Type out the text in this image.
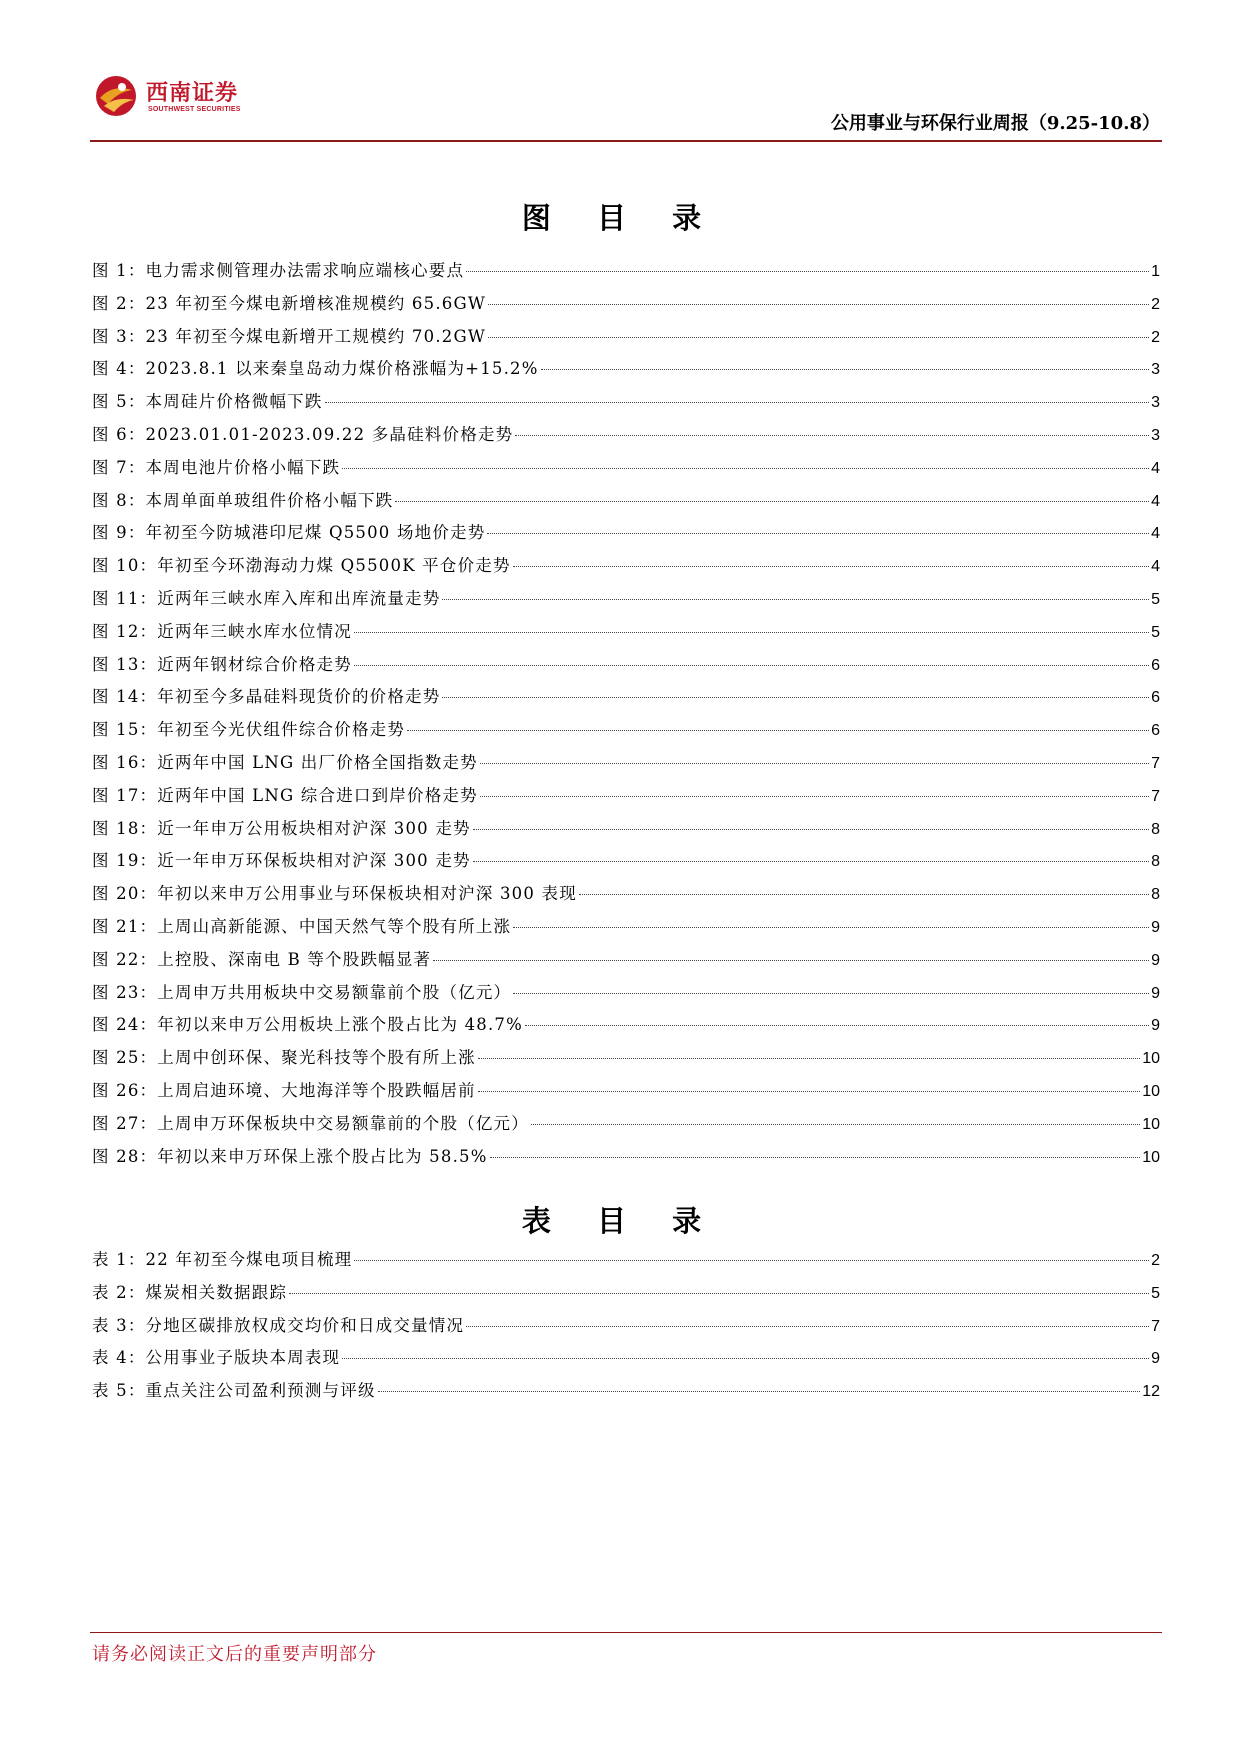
西南证券
SOUTHWEST SECURITIES
公用事业与环保行业周报（9.25-10.8）
图 目 录
图 1：电力需求侧管理办法需求响应端核心要点	1
图 2：23 年初至今煤电新增核准规模约 65.6GW	2
图 3：23 年初至今煤电新增开工规模约 70.2GW	2
图 4：2023.8.1 以来秦皇岛动力煤价格涨幅为+15.2%	3
图 5：本周硅片价格微幅下跌	3
图 6：2023.01.01-2023.09.22 多晶硅料价格走势	3
图 7：本周电池片价格小幅下跌	4
图 8：本周单面单玻组件价格小幅下跌	4
图 9：年初至今防城港印尼煤 Q5500 场地价走势	4
图 10：年初至今环渤海动力煤 Q5500K 平仓价走势	4
图 11：近两年三峡水库入库和出库流量走势	5
图 12：近两年三峡水库水位情况	5
图 13：近两年钢材综合价格走势	6
图 14：年初至今多晶硅料现货价的价格走势	6
图 15：年初至今光伏组件综合价格走势	6
图 16：近两年中国 LNG 出厂价格全国指数走势	7
图 17：近两年中国 LNG 综合进口到岸价格走势	7
图 18：近一年申万公用板块相对沪深 300 走势	8
图 19：近一年申万环保板块相对沪深 300 走势	8
图 20：年初以来申万公用事业与环保板块相对沪深 300 表现	8
图 21：上周山高新能源、中国天然气等个股有所上涨	9
图 22：上控股、深南电 B 等个股跌幅显著	9
图 23：上周申万共用板块中交易额靠前个股（亿元）	9
图 24：年初以来申万公用板块上涨个股占比为 48.7%	9
图 25：上周中创环保、聚光科技等个股有所上涨	10
图 26：上周启迪环境、大地海洋等个股跌幅居前	10
图 27：上周申万环保板块中交易额靠前的个股（亿元）	10
图 28：年初以来申万环保上涨个股占比为 58.5%	10
表 目 录
表 1：22 年初至今煤电项目梳理	2
表 2：煤炭相关数据跟踪	5
表 3：分地区碳排放权成交均价和日成交量情况	7
表 4：公用事业子版块本周表现	9
表 5：重点关注公司盈利预测与评级	12
请务必阅读正文后的重要声明部分
